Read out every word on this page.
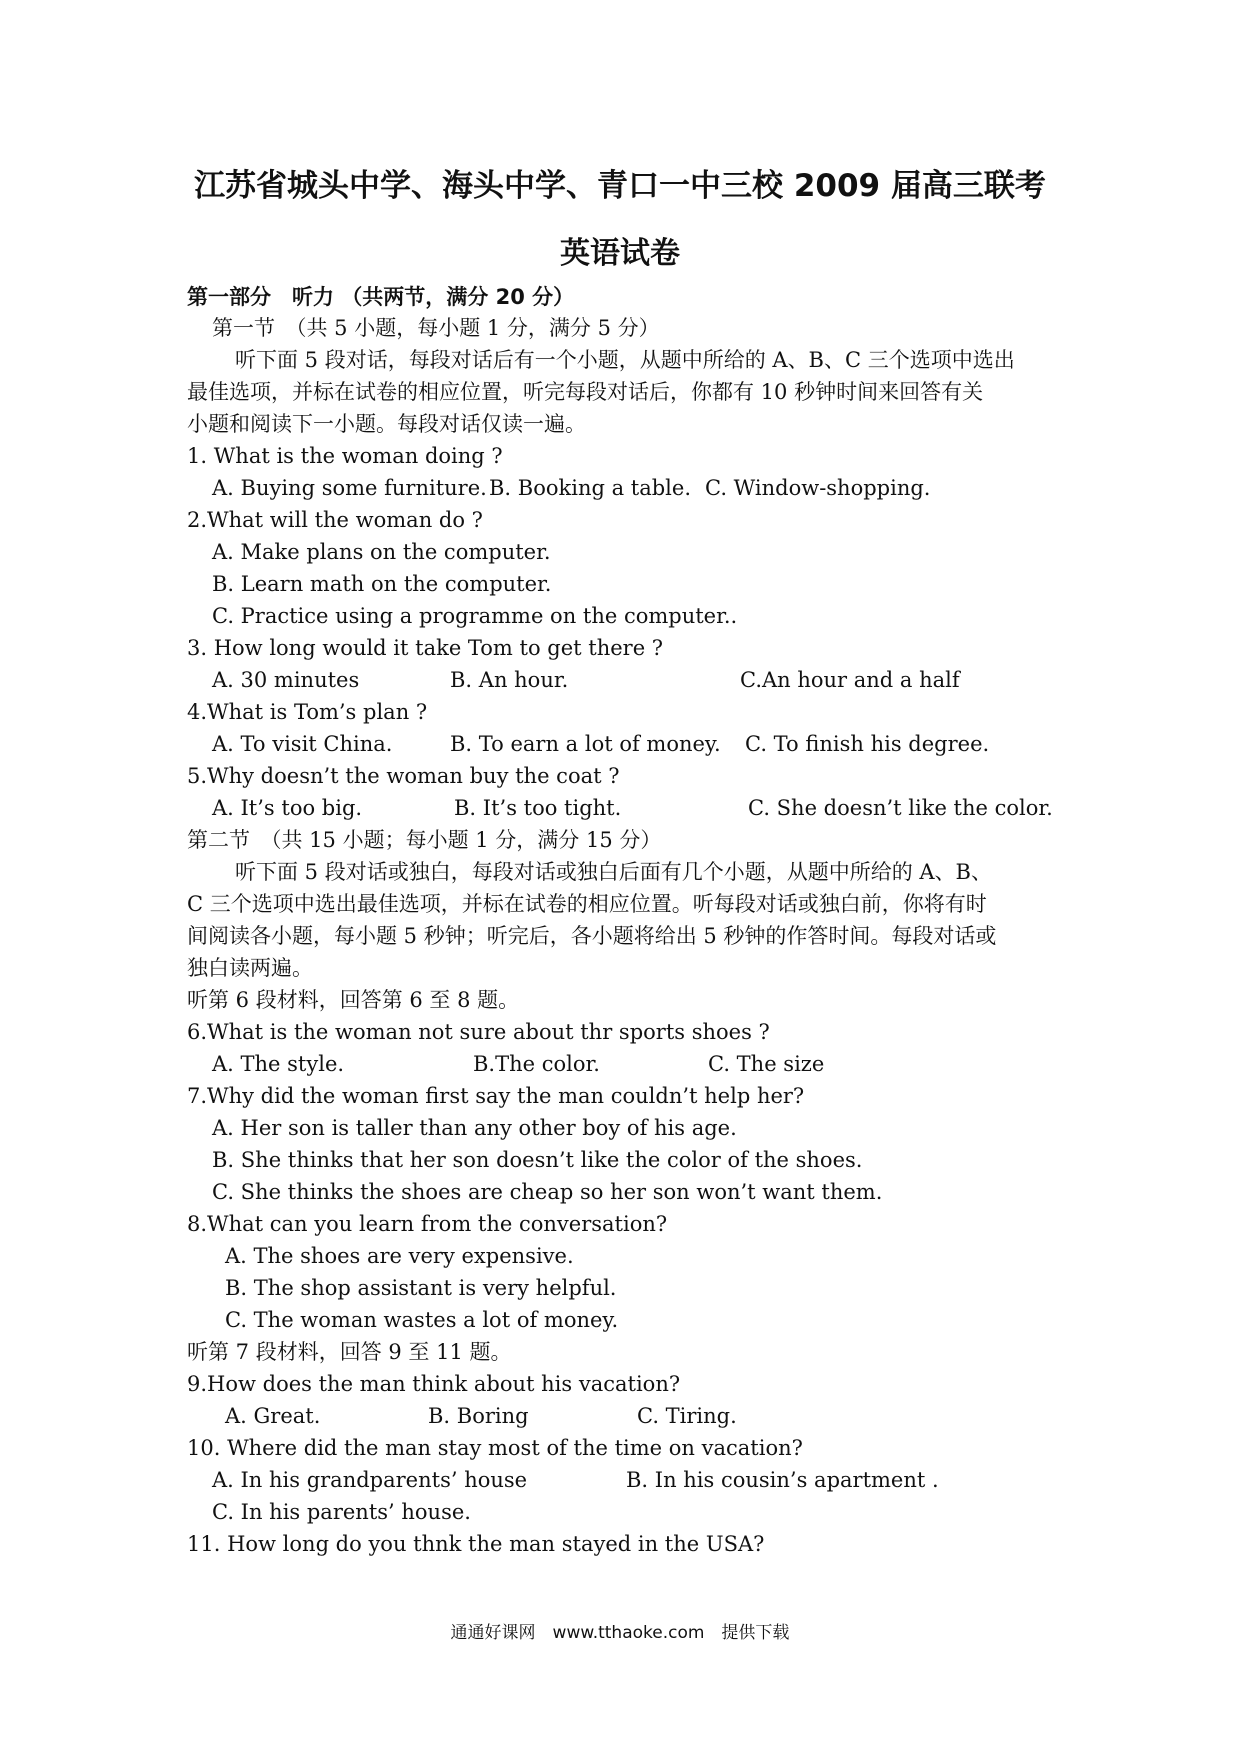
江苏省城头中学、海头中学、青口一中三校 2009 届高三联考
英语试卷
第一部分　听力 （共两节，满分 20 分）
第一节　（共 5 小题，每小题 1 分，满分 5 分）
听下面 5 段对话，每段对话后有一个小题，从题中所给的 A、B、C 三个选项中选出
最佳选项，并标在试卷的相应位置，听完每段对话后，你都有 10 秒钟时间来回答有关
小题和阅读下一小题。每段对话仅读一遍。
1. What is the woman doing ?
A. Buying some furniture. B. Booking a table. C. Window-shopping.
2.What will the woman do ?
A. Make plans on the computer.
B. Learn math on the computer.
C. Practice using a programme on the computer..
3. How long would it take Tom to get there ?
A. 30 minutes	B. An hour.	C.An hour and a half
4.What is Tom’s plan ?
A. To visit China.	B. To earn a lot of money. C. To finish his degree.
5.Why doesn’t the woman buy the coat ?
A. It’s too big.	B. It’s too tight.	C. She doesn’t like the color.
第二节　（共 15 小题；每小题 1 分，满分 15 分）
听下面 5 段对话或独白，每段对话或独白后面有几个小题，从题中所给的 A、B、
C 三个选项中选出最佳选项，并标在试卷的相应位置。听每段对话或独白前，你将有时
间阅读各小题，每小题 5 秒钟；听完后，各小题将给出 5 秒钟的作答时间。每段对话或
独白读两遍。
听第 6 段材料，回答第 6 至 8 题。
6.What is the woman not sure about thr sports shoes ?
A. The style.	B.The color.	C. The size
7.Why did the woman first say the man couldn’t help her?
A. Her son is taller than any other boy of his age.
B. She thinks that her son doesn’t like the color of the shoes.
C. She thinks the shoes are cheap so her son won’t want them.
8.What can you learn from the conversation?
A. The shoes are very expensive.
B. The shop assistant is very helpful.
C. The woman wastes a lot of money.
听第 7 段材料，回答 9 至 11 题。
9.How does the man think about his vacation?
A. Great.	B. Boring	C. Tiring.
10. Where did the man stay most of the time on vacation?
A. In his grandparents’ house	B. In his cousin’s apartment .
C. In his parents’ house.
11. How long do you thnk the man stayed in the USA?
通通好课网　www.tthaoke.com　提供下载
